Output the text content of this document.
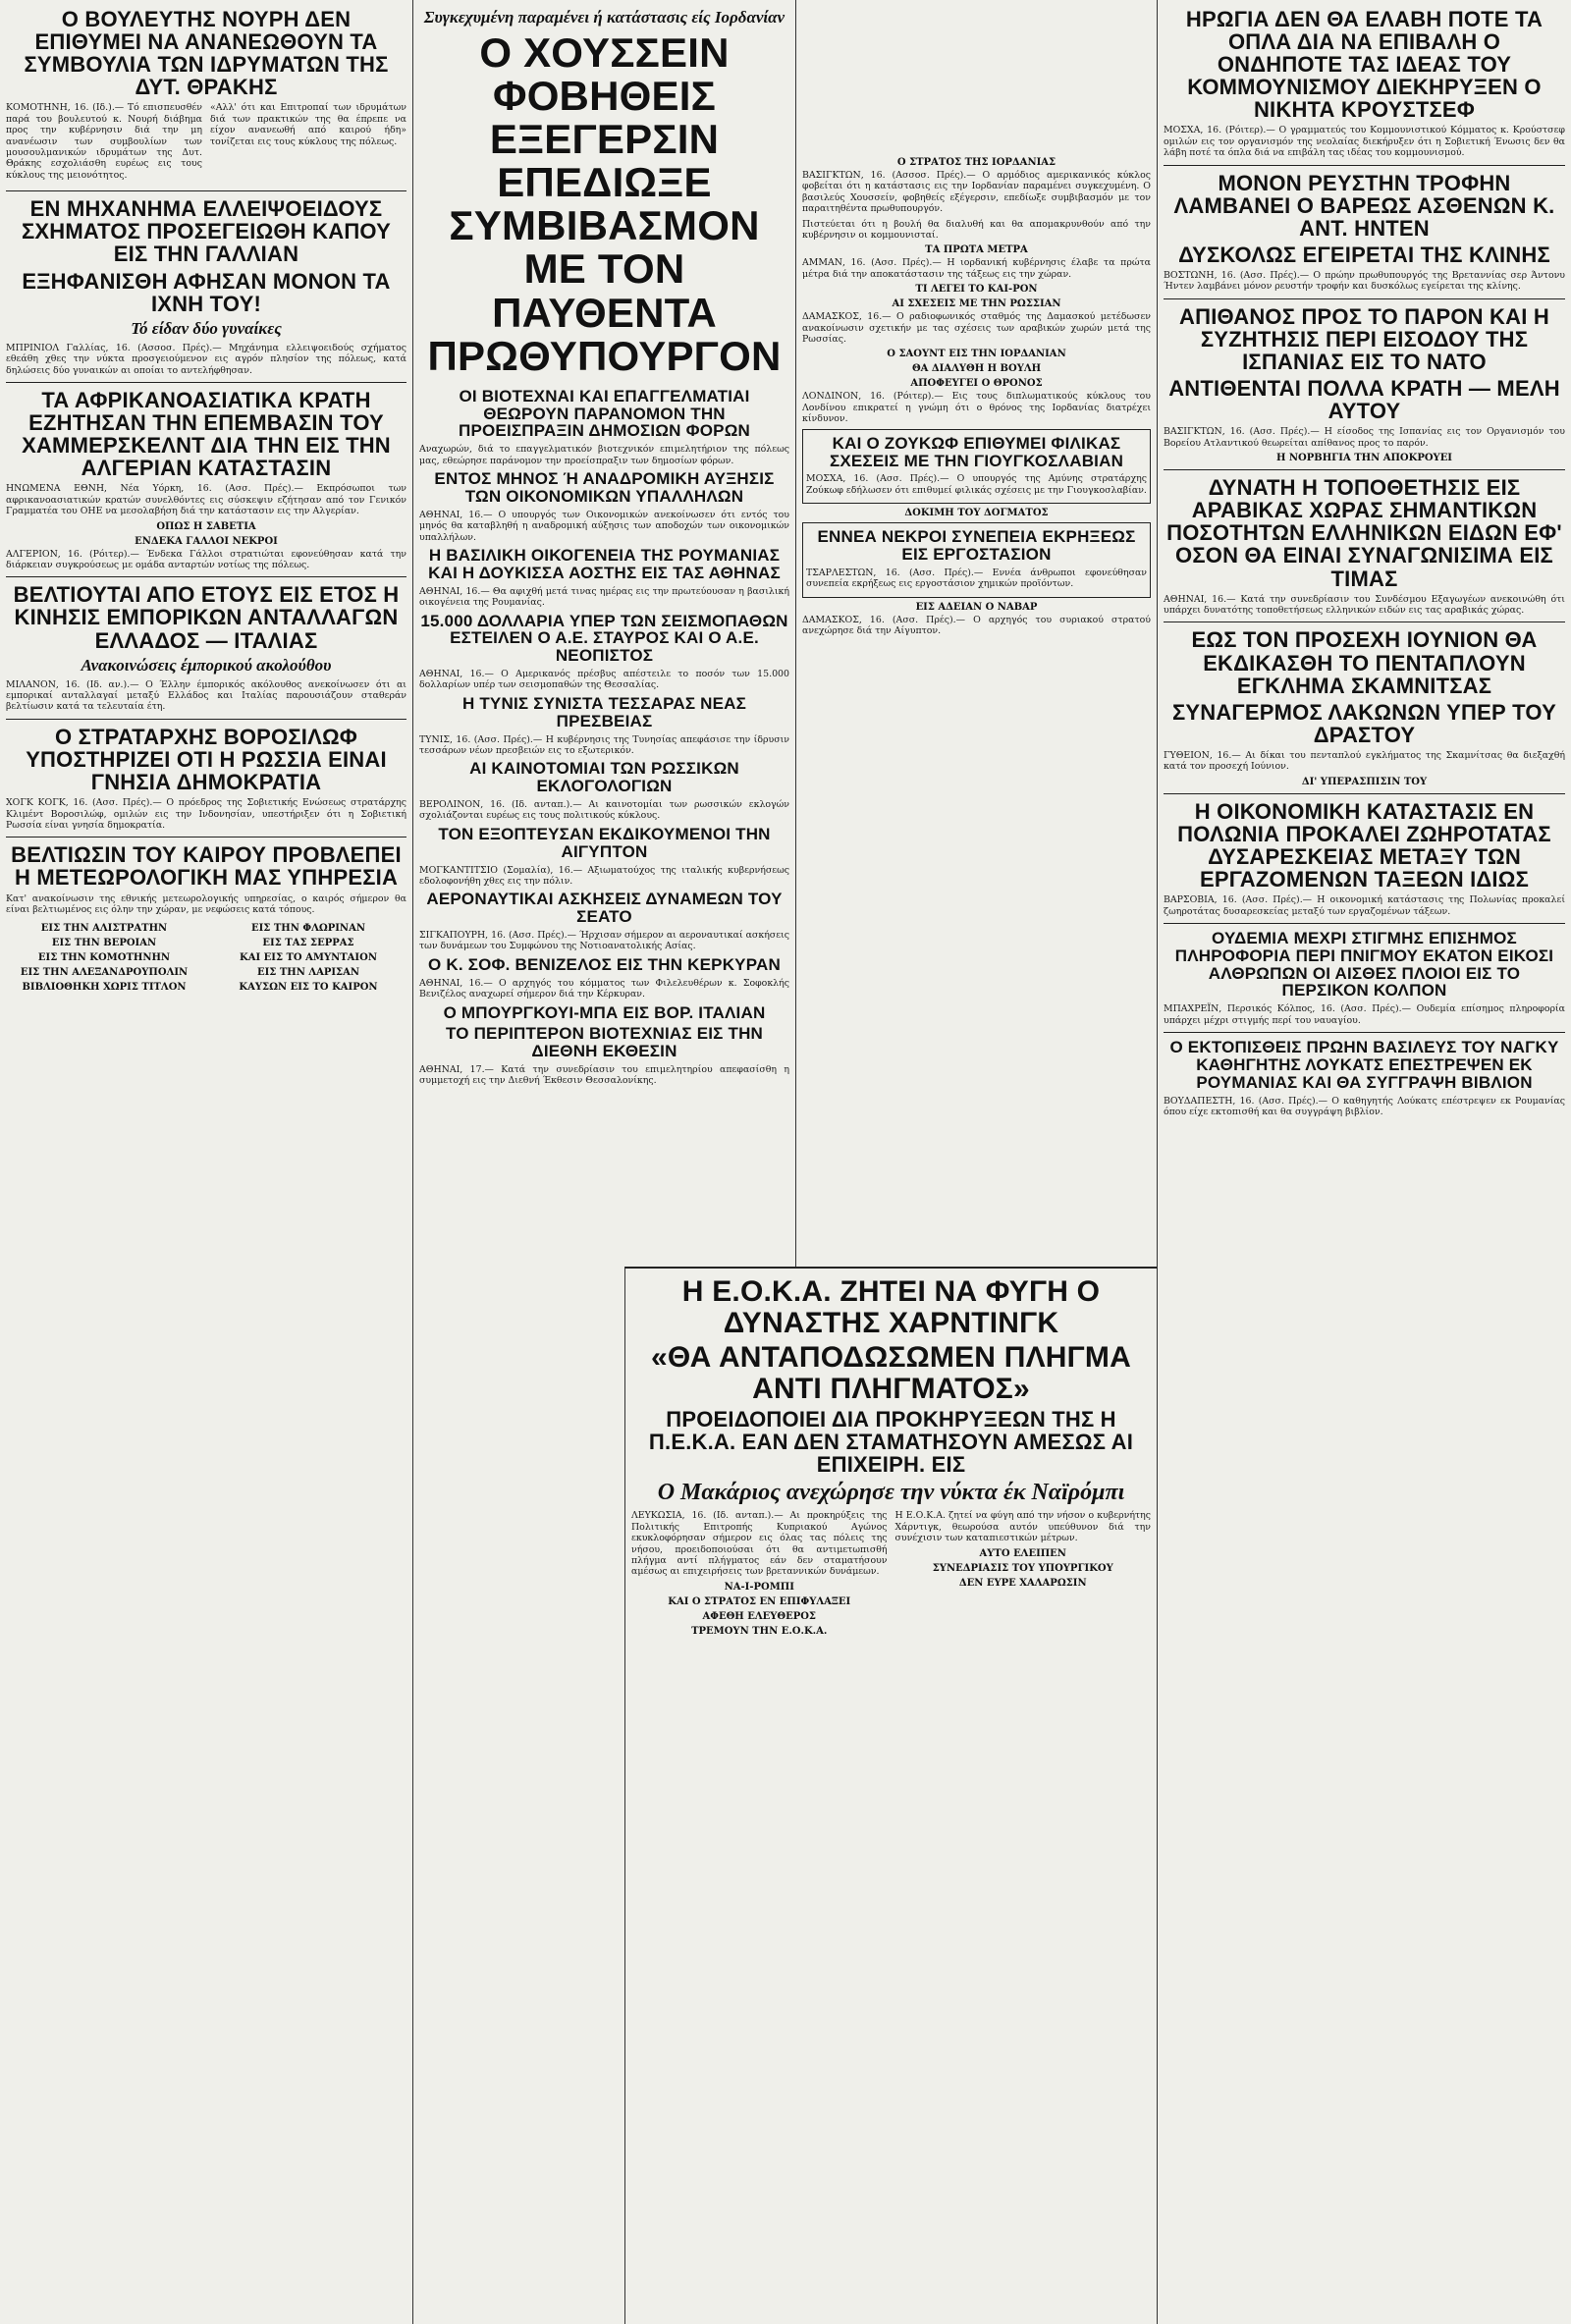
Ο ΒΟΥΛΕΥΤΗΣ ΝΟΥΡΗ ΔΕΝ ΕΠΙΘΥΜΕΙ ΝΑ ΑΝΑΝΕΩΘΟΥΝ ΤΑ ΣΥΜΒΟΥΛΙΑ ΤΩΝ ΙΔΡΥΜΑΤΩΝ ΤΗΣ ΔΥΤ. ΘΡΑΚΗΣ

ΚΟΜΟΤΗΝΗ, 16. (Ιδ.).— Τό επισπευσθέν παρά του βουλευτού κ. Νουρή διάβημα προς την κυβέρνησιν διά την μη ανανέωσιν των συμβουλίων των μουσουλμανικών ιδρυμάτων της Δυτ. Θράκης εσχολιάσθη ευρέως εις τους κύκλους της μειονότητος.

«Αλλ' ότι και Επιτροπαί των ιδρυμάτων διά των πρακτικών της θα έπρεπε να είχον ανανεωθή από καιρού ήδη» τονίζεται εις τους κύκλους της πόλεως.

ΕΝ ΜΗΧΑΝΗΜΑ ΕΛΛΕΙΨΟΕΙΔΟΥΣ ΣΧΗΜΑΤΟΣ ΠΡΟΣΕΓΕΙΩΘΗ ΚΑΠΟΥ ΕΙΣ ΤΗΝ ΓΑΛΛΙΑΝ
ΕΞΗΦΑΝΙΣΘΗ ΑΦΗΣΑΝ ΜΟΝΟΝ ΤΑ ΙΧΝΗ ΤΟΥ!
Τό είδαν δύο γυναίκες

ΜΠΡΙΝΙΟΛ Γαλλίας, 16. (Ασσοσ. Πρές).— Μηχάνημα ελλειψοειδούς σχήματος εθεάθη χθες την νύκτα προσγειούμενον εις αγρόν πλησίον της πόλεως, κατά δηλώσεις δύο γυναικών αι οποίαι το αντελήφθησαν.

ΤΑ ΑΦΡΙΚΑΝΟΑΣΙΑΤΙΚΑ ΚΡΑΤΗ ΕΖΗΤΗΣΑΝ ΤΗΝ ΕΠΕΜΒΑΣΙΝ ΤΟΥ ΧΑΜΜΕΡΣΚΕΛΝΤ ΔΙΑ ΤΗΝ ΕΙΣ ΤΗΝ ΑΛΓΕΡΙΑΝ ΚΑΤΑΣΤΑΣΙΝ

ΗΝΩΜΕΝΑ ΕΘΝΗ, Νέα Υόρκη, 16. (Ασσ. Πρές).— Εκπρόσωποι των αφρικανοασιατικών κρατών συνελθόντες εις σύσκεψιν εζήτησαν από τον Γενικόν Γραμματέα του ΟΗΕ να μεσολαβήση διά την κατάστασιν εις την Αλγερίαν.

ΟΠΩΣ Η ΣΑΒΕΤΙΑ
ΕΝΔΕΚΑ ΓΑΛΛΟΙ ΝΕΚΡΟΙ

ΑΛΓΕΡΙΟΝ, 16. (Ρόιτερ).— Ένδεκα Γάλλοι στρατιώται εφονεύθησαν κατά την διάρκειαν συγκρούσεως με ομάδα ανταρτών νοτίως της πόλεως.

ΒΕΛΤΙΟΥΤΑΙ ΑΠΟ ΕΤΟΥΣ ΕΙΣ ΕΤΟΣ Η ΚΙΝΗΣΙΣ ΕΜΠΟΡΙΚΩΝ ΑΝΤΑΛΛΑΓΩΝ ΕΛΛΑΔΟΣ — ΙΤΑΛΙΑΣ
Ανακοινώσεις έμπορικού ακολούθου

ΜΙΛΑΝΟΝ, 16. (Ιδ. αν.).— Ο Έλλην έμπορικός ακόλουθος ανεκοίνωσεν ότι αι εμπορικαί ανταλλαγαί μεταξύ Ελλάδος και Ιταλίας παρουσιάζουν σταθεράν βελτίωσιν κατά τα τελευταία έτη.

Ο ΣΤΡΑΤΑΡΧΗΣ ΒΟΡΟΣΙΛΩΦ ΥΠΟΣΤΗΡΙΖΕΙ ΟΤΙ Η ΡΩΣΣΙΑ ΕΙΝΑΙ ΓΝΗΣΙΑ ΔΗΜΟΚΡΑΤΙΑ

ΧΟΓΚ ΚΟΓΚ, 16. (Ασσ. Πρές).— Ο πρόεδρος της Σοβιετικής Ενώσεως στρατάρχης Κλιμέντ Βοροσιλώφ, ομιλών εις την Ινδονησίαν, υπεστήριξεν ότι η Σοβιετική Ρωσσία είναι γνησία δημοκρατία.

ΒΕΛΤΙΩΣΙΝ ΤΟΥ ΚΑΙΡΟΥ ΠΡΟΒΛΕΠΕΙ Η ΜΕΤΕΩΡΟΛΟΓΙΚΗ ΜΑΣ ΥΠΗΡΕΣΙΑ

Κατ' ανακοίνωσιν της εθνικής μετεωρολογικής υπηρεσίας, ο καιρός σήμερον θα είναι βελτιωμένος εις όλην την χώραν, με νεφώσεις κατά τόπους.

ΕΙΣ ΤΗΝ ΑΛΙΣΤΡΑΤΗΝ
ΕΙΣ ΤΗΝ ΒΕΡΟΙΑΝ
ΕΙΣ ΤΗΝ ΚΟΜΟΤΗΝΗΝ
ΕΙΣ ΤΗΝ ΑΛΕΞΑΝΔΡΟΥΠΟΛΙΝ
ΒΙΒΛΙΟΘΗΚΗ ΧΩΡΙΣ ΤΙΤΛΟΝ
ΕΙΣ ΤΗΝ ΦΛΩΡΙΝΑΝ
ΕΙΣ ΤΑΣ ΣΕΡΡΑΣ
ΚΑΙ ΕΙΣ ΤΟ ΑΜΥΝΤΑΙΟΝ
ΕΙΣ ΤΗΝ ΛΑΡΙΣΑΝ
ΚΑΥΣΩΝ ΕΙΣ ΤΟ ΚΑΙΡΟΝ
Συγκεχυμένη παραμένει ή κατάστασις είς Ιορδανίαν
Ο ΧΟΥΣΣΕΙΝ ΦΟΒΗΘΕΙΣ ΕΞΕΓΕΡΣΙΝ ΕΠΕΔΙΩΞΕ ΣΥΜΒΙΒΑΣΜΟΝ ΜΕ ΤΟΝ ΠΑΥΘΕΝΤΑ ΠΡΩΘΥΠΟΥΡΓΟΝ
ΟΙ ΒΙΟΤΕΧΝΑΙ ΚΑΙ ΕΠΑΓΓΕΛΜΑΤΙΑΙ ΘΕΩΡΟΥΝ ΠΑΡΑΝΟΜΟΝ ΤΗΝ ΠΡΟΕΙΣΠΡΑΞΙΝ ΔΗΜΟΣΙΩΝ ΦΟΡΩΝ

Αναχωρών, διά το επαγγελματικόν βιοτεχνικόν επιμελητήριον της πόλεως μας, εθεώρησε παράνομον την προείσπραξιν των δημοσίων φόρων.

ΕΝΤΟΣ ΜΗΝΟΣ Ή ΑΝΑΔΡΟΜΙΚΗ ΑΥΞΗΣΙΣ ΤΩΝ ΟΙΚΟΝΟΜΙΚΩΝ ΥΠΑΛΛΗΛΩΝ

ΑΘΗΝΑΙ, 16.— Ο υπουργός των Οικονομικών ανεκοίνωσεν ότι εντός του μηνός θα καταβληθή η αναδρομική αύξησις των αποδοχών των οικονομικών υπαλλήλων.

Η ΒΑΣΙΛΙΚΗ ΟΙΚΟΓΕΝΕΙΑ ΤΗΣ ΡΟΥΜΑΝΙΑΣ ΚΑΙ Η ΔΟΥΚΙΣΣΑ ΑΟΣΤΗΣ ΕΙΣ ΤΑΣ ΑΘΗΝΑΣ

ΑΘΗΝΑΙ, 16.— Θα αφιχθή μετά τινας ημέρας εις την πρωτεύουσαν η βασιλική οικογένεια της Ρουμανίας.

15.000 ΔΟΛΛΑΡΙΑ ΥΠΕΡ ΤΩΝ ΣΕΙΣΜΟΠΑΘΩΝ ΕΣΤΕΙΛΕΝ Ο Α.Ε. ΣΤΑΥΡΟΣ ΚΑΙ Ο Α.Ε. ΝΕΟΠΙΣΤΟΣ

ΑΘΗΝΑΙ, 16.— Ο Αμερικανός πρέσβυς απέστειλε το ποσόν των 15.000 δολλαρίων υπέρ των σεισμοπαθών της Θεσσαλίας.

Η ΤΥΝΙΣ ΣΥΝΙΣΤΑ ΤΕΣΣΑΡΑΣ ΝΕΑΣ ΠΡΕΣΒΕΙΑΣ

ΤΥΝΙΣ, 16. (Ασσ. Πρές).— Η κυβέρνησις της Τυνησίας απεφάσισε την ίδρυσιν τεσσάρων νέων πρεσβειών εις το εξωτερικόν.

ΑΙ ΚΑΙΝΟΤΟΜΙΑΙ ΤΩΝ ΡΩΣΣΙΚΩΝ ΕΚΛΟΓΟΛΟΓΙΩΝ

ΒΕΡΟΛΙΝΟΝ, 16. (Ιδ. ανταπ.).— Αι καινοτομίαι των ρωσσικών εκλογών σχολιάζονται ευρέως εις τους πολιτικούς κύκλους.

ΤΟΝ ΕΞΟΠΤΕΥΣΑΝ ΕΚΔΙΚΟΥΜΕΝΟΙ ΤΗΝ ΑΙΓΥΠΤΟΝ

ΜΟΓΚΑΝΤΙΤΣΙΟ (Σομαλία), 16.— Αξιωματούχος της ιταλικής κυβερνήσεως εδολοφονήθη χθες εις την πόλιν.

ΑΕΡΟΝΑΥΤΙΚΑΙ ΑΣΚΗΣΕΙΣ ΔΥΝΑΜΕΩΝ ΤΟΥ ΣΕΑΤΟ

ΣΙΓΚΑΠΟΥΡΗ, 16. (Ασσ. Πρές).— Ήρχισαν σήμερον αι αεροναυτικαί ασκήσεις των δυνάμεων του Συμφώνου της Νοτιοανατολικής Ασίας.

Ο Κ. ΣΟΦ. ΒΕΝΙΖΕΛΟΣ ΕΙΣ ΤΗΝ ΚΕΡΚΥΡΑΝ

ΑΘΗΝΑΙ, 16.— Ο αρχηγός του κόμματος των Φιλελευθέρων κ. Σοφοκλής Βενιζέλος αναχωρεί σήμερον διά την Κέρκυραν.

Ο ΜΠΟΥΡΓΚΟΥΙ-ΜΠΑ ΕΙΣ ΒΟΡ. ΙΤΑΛΙΑΝ
ΤΟ ΠΕΡΙΠΤΕΡΟΝ ΒΙΟΤΕΧΝΙΑΣ ΕΙΣ ΤΗΝ ΔΙΕΘΝΗ ΕΚΘΕΣΙΝ

ΑΘΗΝΑΙ, 17.— Κατά την συνεδρίασιν του επιμελητηρίου απεφασίσθη η συμμετοχή εις την Διεθνή Έκθεσιν Θεσσαλονίκης.

Ο ΣΤΡΑΤΟΣ ΤΗΣ ΙΟΡΔΑΝΙΑΣ

ΒΑΣΙΓΚΤΩΝ, 16. (Ασσοσ. Πρές).— Ο αρμόδιος αμερικανικός κύκλος φοβείται ότι η κατάστασις εις την Ιορδανίαν παραμένει συγκεχυμένη. Ο βασιλεύς Χουσσείν, φοβηθείς εξέγερσιν, επεδίωξε συμβιβασμόν με τον παραιτηθέντα πρωθυπουργόν.

Πιστεύεται ότι η βουλή θα διαλυθή και θα απομακρυνθούν από την κυβέρνησιν οι κομμουνισταί.

ΤΑ ΠΡΩΤΑ ΜΕΤΡΑ

ΑΜΜΑΝ, 16. (Ασσ. Πρές).— Η ιορδανική κυβέρνησις έλαβε τα πρώτα μέτρα διά την αποκατάστασιν της τάξεως εις την χώραν.

ΤΙ ΛΕΓΕΙ ΤΟ ΚΑΙ-ΡΟΝ
ΑΙ ΣΧΕΣΕΙΣ ΜΕ ΤΗΝ ΡΩΣΣΙΑΝ

ΔΑΜΑΣΚΟΣ, 16.— Ο ραδιοφωνικός σταθμός της Δαμασκού μετέδωσεν ανακοίνωσιν σχετικήν με τας σχέσεις των αραβικών χωρών μετά της Ρωσσίας.

Ο ΣΑΟΥΝΤ ΕΙΣ ΤΗΝ ΙΟΡΔΑΝΙΑΝ
ΘΑ ΔΙΑΛΥΘΗ Η ΒΟΥΛΗ
ΑΠΟΦΕΥΓΕΙ Ο ΘΡΟΝΟΣ

ΛΟΝΔΙΝΟΝ, 16. (Ρόιτερ).— Εις τους διπλωματικούς κύκλους του Λονδίνου επικρατεί η γνώμη ότι ο θρόνος της Ιορδανίας διατρέχει κίνδυνον.

ΚΑΙ Ο ΖΟΥΚΩΦ ΕΠΙΘΥΜΕΙ ΦΙΛΙΚΑΣ ΣΧΕΣΕΙΣ ΜΕ ΤΗΝ ΓΙΟΥΓΚΟΣΛΑΒΙΑΝ

ΜΟΣΧΑ, 16. (Ασσ. Πρές).— Ο υπουργός της Αμύνης στρατάρχης Ζούκωφ εδήλωσεν ότι επιθυμεί φιλικάς σχέσεις με την Γιουγκοσλαβίαν.

ΔΟΚΙΜΗ ΤΟΥ ΔΟΓΜΑΤΟΣ
ΕΝΝΕΑ ΝΕΚΡΟΙ ΣΥΝΕΠΕΙΑ ΕΚΡΗΞΕΩΣ ΕΙΣ ΕΡΓΟΣΤΑΣΙΟΝ

ΤΣΑΡΛΕΣΤΩΝ, 16. (Ασσ. Πρές).— Εννέα άνθρωποι εφονεύθησαν συνεπεία εκρήξεως εις εργοστάσιον χημικών προϊόντων.

ΕΙΣ ΑΔΕΙΑΝ Ο ΝΑΒΑΡ

ΔΑΜΑΣΚΟΣ, 16. (Ασσ. Πρές).— Ο αρχηγός του συριακού στρατού ανεχώρησε διά την Αίγυπτον.

Η Ε.Ο.Κ.Α. ΖΗΤΕΙ ΝΑ ΦΥΓΗ Ο ΔΥΝΑΣΤΗΣ ΧΑΡΝΤΙΝΓΚ
«ΘΑ ΑΝΤΑΠΟΔΩΣΩΜΕΝ ΠΛΗΓΜΑ ΑΝΤΙ ΠΛΗΓΜΑΤΟΣ»
ΠΡΟΕΙΔΟΠΟΙΕΙ ΔΙΑ ΠΡΟΚΗΡΥΞΕΩΝ ΤΗΣ Η Π.Ε.Κ.Α. ΕΑΝ ΔΕΝ ΣΤΑΜΑΤΗΣΟΥΝ ΑΜΕΣΩΣ ΑΙ ΕΠΙΧΕΙΡΗ. ΕΙΣ
Ο Μακάριος ανεχώρησε την νύκτα έκ Ναϊρόμπι

ΛΕΥΚΩΣΙΑ, 16. (Ιδ. ανταπ.).— Αι προκηρύξεις της Πολιτικής Επιτροπής Κυπριακού Αγώνος εκυκλοφόρησαν σήμερον εις όλας τας πόλεις της νήσου, προειδοποιούσαι ότι θα αντιμετωπισθή πλήγμα αντί πλήγματος εάν δεν σταματήσουν αμέσως αι επιχειρήσεις των βρεταννικών δυνάμεων.

ΝΑ-Ι-ΡΟΜΠΙ
ΚΑΙ Ο ΣΤΡΑΤΟΣ ΕΝ ΕΠΙΦΥΛΑΞΕΙ
ΑΦΕΘΗ ΕΛΕΥΘΕΡΟΣ
ΤΡΕΜΟΥΝ ΤΗΝ Ε.Ο.Κ.Α.

Η Ε.Ο.Κ.Α. ζητεί να φύγη από την νήσον ο κυβερνήτης Χάρντιγκ, θεωρούσα αυτόν υπεύθυνον διά την συνέχισιν των καταπιεστικών μέτρων.

ΑΥΤΟ ΕΛΕΙΠΕΝ
ΣΥΝΕΔΡΙΑΣΙΣ ΤΟΥ ΥΠΟΥΡΓΙΚΟΥ
ΔΕΝ ΕΥΡΕ ΧΑΛΑΡΩΣΙΝ
ΗΡΩΓΙΑ ΔΕΝ ΘΑ ΕΛΑΒΗ ΠΟΤΕ ΤΑ ΟΠΛΑ ΔΙΑ ΝΑ ΕΠΙΒΑΛΗ Ο ΟΝΔΗΠΟΤΕ ΤΑΣ ΙΔΕΑΣ ΤΟΥ ΚΟΜΜΟΥΝΙΣΜΟΥ ΔΙΕΚΗΡΥΞΕΝ Ο ΝΙΚΗΤΑ ΚΡΟΥΣΤΣΕΦ

ΜΟΣΧΑ, 16. (Ρόιτερ).— Ο γραμματεύς του Κομμουνιστικού Κόμματος κ. Κρούστσεφ ομιλών εις τον οργανισμόν της νεολαίας διεκήρυξεν ότι η Σοβιετική Ένωσις δεν θα λάβη ποτέ τα όπλα διά να επιβάλη τας ιδέας του κομμουνισμού.

ΜΟΝΟΝ ΡΕΥΣΤΗΝ ΤΡΟΦΗΝ ΛΑΜΒΑΝΕΙ Ο ΒΑΡΕΩΣ ΑΣΘΕΝΩΝ Κ. ΑΝΤ. ΗΝΤΕΝ
ΔΥΣΚΟΛΩΣ ΕΓΕΙΡΕΤΑΙ ΤΗΣ ΚΛΙΝΗΣ

ΒΟΣΤΩΝΗ, 16. (Ασσ. Πρές).— Ο πρώην πρωθυπουργός της Βρεταννίας σερ Άντονυ Ήντεν λαμβάνει μόνον ρευστήν τροφήν και δυσκόλως εγείρεται της κλίνης.

ΑΠΙΘΑΝΟΣ ΠΡΟΣ ΤΟ ΠΑΡΟΝ ΚΑΙ Η ΣΥΖΗΤΗΣΙΣ ΠΕΡΙ ΕΙΣΟΔΟΥ ΤΗΣ ΙΣΠΑΝΙΑΣ ΕΙΣ ΤΟ ΝΑΤΟ
ΑΝΤΙΘΕΝΤΑΙ ΠΟΛΛΑ ΚΡΑΤΗ — ΜΕΛΗ ΑΥΤΟΥ

ΒΑΣΙΓΚΤΩΝ, 16. (Ασσ. Πρές).— Η είσοδος της Ισπανίας εις τον Οργανισμόν του Βορείου Ατλαντικού θεωρείται απίθανος προς το παρόν.

Η ΝΟΡΒΗΓΙΑ ΤΗΝ ΑΠΟΚΡΟΥΕΙ
ΔΥΝΑΤΗ Η ΤΟΠΟΘΕΤΗΣΙΣ ΕΙΣ ΑΡΑΒΙΚΑΣ ΧΩΡΑΣ ΣΗΜΑΝΤΙΚΩΝ ΠΟΣΟΤΗΤΩΝ ΕΛΛΗΝΙΚΩΝ ΕΙΔΩΝ ΕΦ' ΟΣΟΝ ΘΑ ΕΙΝΑΙ ΣΥΝΑΓΩΝΙΣΙΜΑ ΕΙΣ ΤΙΜΑΣ

ΑΘΗΝΑΙ, 16.— Κατά την συνεδρίασιν του Συνδέσμου Εξαγωγέων ανεκοινώθη ότι υπάρχει δυνατότης τοποθετήσεως ελληνικών ειδών εις τας αραβικάς χώρας.

ΕΩΣ ΤΟΝ ΠΡΟΣΕΧΗ ΙΟΥΝΙΟΝ ΘΑ ΕΚΔΙΚΑΣΘΗ ΤΟ ΠΕΝΤΑΠΛΟΥΝ ΕΓΚΛΗΜΑ ΣΚΑΜΝΙΤΣΑΣ
ΣΥΝΑΓΕΡΜΟΣ ΛΑΚΩΝΩΝ ΥΠΕΡ ΤΟΥ ΔΡΑΣΤΟΥ

ΓΥΘΕΙΟΝ, 16.— Αι δίκαι του πενταπλού εγκλήματος της Σκαμνίτσας θα διεξαχθή κατά τον προσεχή Ιούνιον.

ΔΙ' ΥΠΕΡΑΣΠΙΣΙΝ ΤΟΥ
Η ΟΙΚΟΝΟΜΙΚΗ ΚΑΤΑΣΤΑΣΙΣ ΕΝ ΠΟΛΩΝΙΑ ΠΡΟΚΑΛΕΙ ΖΩΗΡΟΤΑΤΑΣ ΔΥΣΑΡΕΣΚΕΙΑΣ ΜΕΤΑΞΥ ΤΩΝ ΕΡΓΑΖΟΜΕΝΩΝ ΤΑΞΕΩΝ ΙΔΙΩΣ

ΒΑΡΣΟΒΙΑ, 16. (Ασσ. Πρές).— Η οικονομική κατάστασις της Πολωνίας προκαλεί ζωηροτάτας δυσαρεσκείας μεταξύ των εργαζομένων τάξεων.

ΟΥΔΕΜΙΑ ΜΕΧΡΙ ΣΤΙΓΜΗΣ ΕΠΙΣΗΜΟΣ ΠΛΗΡΟΦΟΡΙΑ ΠΕΡΙ ΠΝΙΓΜΟΥ ΕΚΑΤΟΝ ΕΙΚΟΣΙ ΑΛΘΡΩΠΩΝ ΟΙ ΑΙΣΘΕΣ ΠΛΟΙΟΙ ΕΙΣ ΤΟ ΠΕΡΣΙΚΟΝ ΚΟΛΠΟΝ

ΜΠΑΧΡΕΪΝ, Περσικός Κόλπος, 16. (Ασσ. Πρές).— Ουδεμία επίσημος πληροφορία υπάρχει μέχρι στιγμής περί του ναυαγίου.

Ο ΕΚΤΟΠΙΣΘΕΙΣ ΠΡΩΗΝ ΒΑΣΙΛΕΥΣ ΤΟΥ ΝΑΓΚΥ ΚΑΘΗΓΗΤΗΣ ΛΟΥΚΑΤΣ ΕΠΕΣΤΡΕΨΕΝ ΕΚ ΡΟΥΜΑΝΙΑΣ ΚΑΙ ΘΑ ΣΥΓΓΡΑΨΗ ΒΙΒΛΙΟΝ

ΒΟΥΔΑΠΕΣΤΗ, 16. (Ασσ. Πρές).— Ο καθηγητής Λούκατς επέστρεψεν εκ Ρουμανίας όπου είχε εκτοπισθή και θα συγγράψη βιβλίον.
